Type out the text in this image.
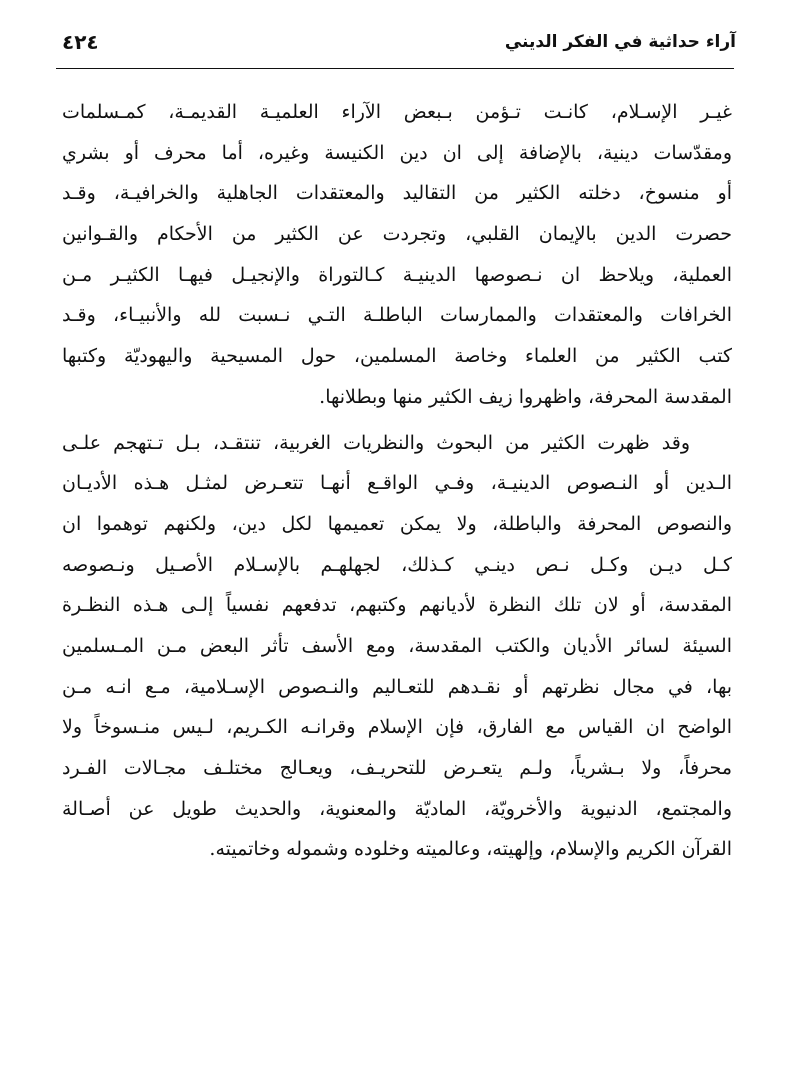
آراء حداثية في الفكر الديني
٤٢٤
غيـر الإسـلام، كانـت تـؤمن بـبعض الآراء العلميـة القديمـة، كمـسلمات
ومقدّسات دينية، بالإضافة إلى ان دين الكنيسة وغيره، أما محرف أو بشري
أو منسوخ، دخلته الكثير من التقاليد والمعتقدات الجاهلية والخرافيـة، وقـد
حصرت الدين بالإيمان القلبي، وتجردت عن الكثير من الأحكام والقـوانين
العملية، ويلاحظ ان نـصوصها الدينيـة كـالتوراة والإنجيـل فيهـا الكثيـر مـن
الخرافات والمعتقدات والممارسات الباطلـة التـي نـسبت لله والأنبيـاء، وقـد
كتب الكثير من العلماء وخاصة المسلمين، حول المسيحية واليهوديّة وكتبها
المقدسة المحرفة، واظهروا زيف الكثير منها وبطلانها.
وقد ظهرت الكثير من البحوث والنظريات الغربية، تنتقـد، بـل تـتهجم علـى
الـدين أو النـصوص الدينيـة، وفـي الواقـع أنهـا تتعـرض لمثـل هـذه الأديـان
والنصوص المحرفة والباطلة، ولا يمكن تعميمها لكل دين، ولكنهم توهموا ان
كـل ديـن وكـل نـص دينـي كـذلك، لجهلهـم بالإسـلام الأصـيل ونـصوصه
المقدسة، أو لان تلك النظرة لأديانهم وكتبهم، تدفعهم نفسياً إلـى هـذه النظـرة
السيئة لسائر الأديان والكتب المقدسة، ومع الأسف تأثر البعض مـن المـسلمين
بها، في مجال نظرتهم أو نقـدهم للتعـاليم والنـصوص الإسـلامية، مـع انـه مـن
الواضح ان القياس مع الفارق، فإن الإسلام وقرانـه الكـريم، لـيس منـسوخاً ولا
محرفاً، ولا بـشرياً، ولـم يتعـرض للتحريـف، ويعـالج مختلـف مجـالات الفـرد
والمجتمع، الدنيوية والأخرويّة، الماديّة والمعنوية، والحديث طويل عن أصـالة
القرآن الكريم والإسلام، وإلهيته، وعالميته وخلوده وشموله وخاتميته.
